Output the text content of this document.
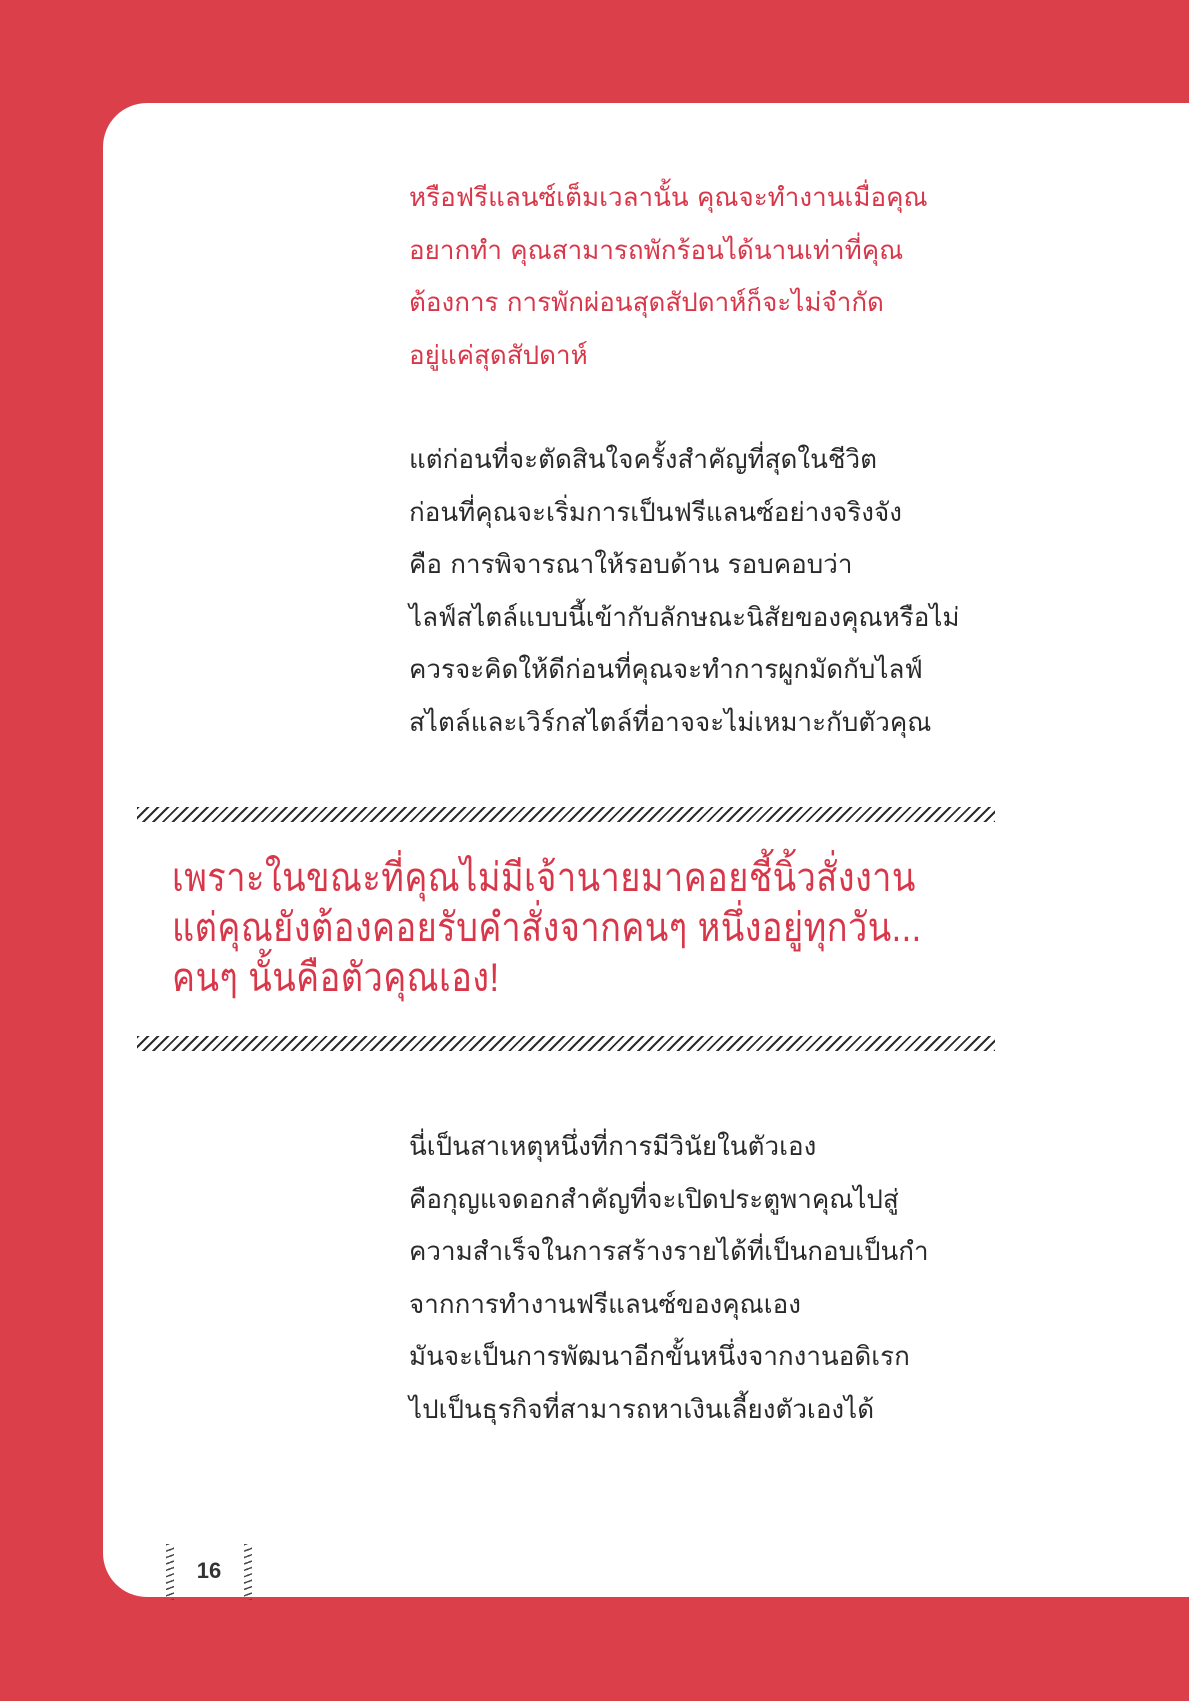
หรือฟรีแลนซ์เต็มเวลานั้น คุณจะทำงานเมื่อคุณ
อยากทำ คุณสามารถพักร้อนได้นานเท่าที่คุณ
ต้องการ การพักผ่อนสุดสัปดาห์ก็จะไม่จำกัด
อยู่แค่สุดสัปดาห์
แต่ก่อนที่จะตัดสินใจครั้งสำคัญที่สุดในชีวิต
ก่อนที่คุณจะเริ่มการเป็นฟรีแลนซ์อย่างจริงจัง
คือ การพิจารณาให้รอบด้าน รอบคอบว่า
ไลฟ์สไตล์แบบนี้เข้ากับลักษณะนิสัยของคุณหรือไม่
ควรจะคิดให้ดีก่อนที่คุณจะทำการผูกมัดกับไลฟ์
สไตล์และเวิร์กสไตล์ที่อาจจะไม่เหมาะกับตัวคุณ
เพราะในขณะที่คุณไม่มีเจ้านายมาคอยชี้นิ้วสั่งงาน
แต่คุณยังต้องคอยรับคำสั่งจากคนๆ หนึ่งอยู่ทุกวัน...
คนๆ นั้นคือตัวคุณเอง!
นี่เป็นสาเหตุหนึ่งที่การมีวินัยในตัวเอง
คือกุญแจดอกสำคัญที่จะเปิดประตูพาคุณไปสู่
ความสำเร็จในการสร้างรายได้ที่เป็นกอบเป็นกำ
จากการทำงานฟรีแลนซ์ของคุณเอง
มันจะเป็นการพัฒนาอีกขั้นหนึ่งจากงานอดิเรก
ไปเป็นธุรกิจที่สามารถหาเงินเลี้ยงตัวเองได้
16
